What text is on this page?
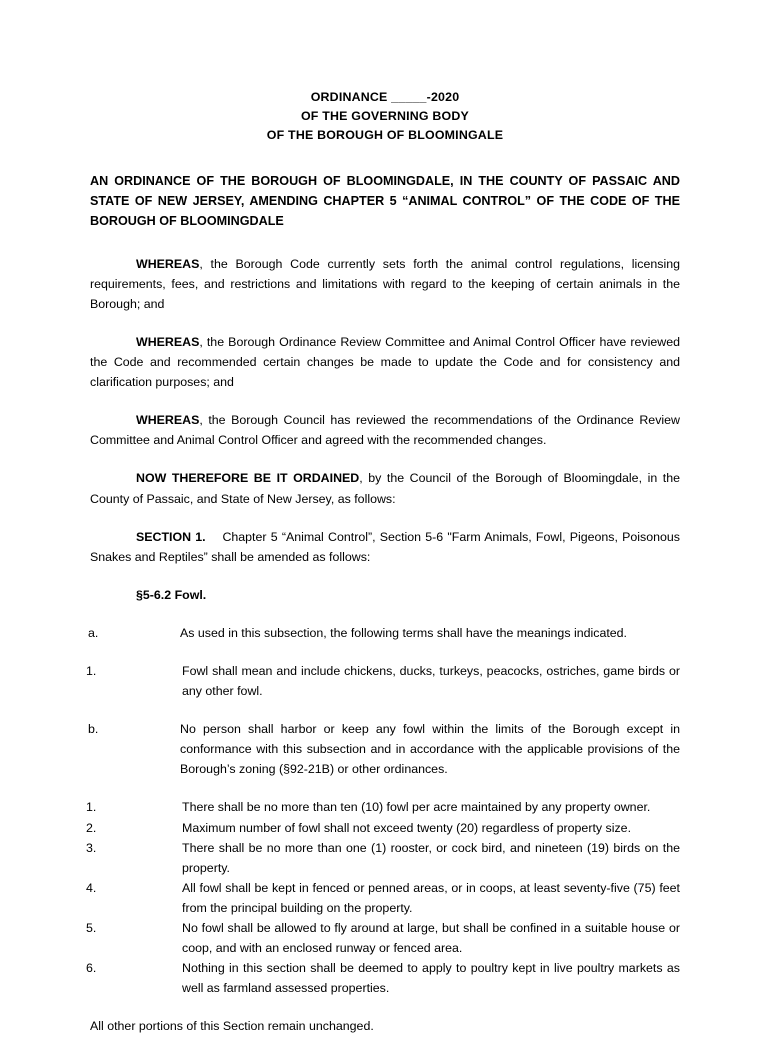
ORDINANCE _____-2020
OF THE GOVERNING BODY
OF THE BOROUGH OF BLOOMINGALE
AN ORDINANCE OF THE BOROUGH OF BLOOMINGDALE, IN THE COUNTY OF PASSAIC AND STATE OF NEW JERSEY, AMENDING CHAPTER 5 “ANIMAL CONTROL” OF THE CODE OF THE BOROUGH OF BLOOMINGDALE

WHEREAS, the Borough Code currently sets forth the animal control regulations, licensing requirements, fees, and restrictions and limitations with regard to the keeping of certain animals in the Borough; and

WHEREAS, the Borough Ordinance Review Committee and Animal Control Officer have reviewed the Code and recommended certain changes be made to update the Code and for consistency and clarification purposes; and

WHEREAS, the Borough Council has reviewed the recommendations of the Ordinance Review Committee and Animal Control Officer and agreed with the recommended changes.

NOW THEREFORE BE IT ORDAINED, by the Council of the Borough of Bloomingdale, in the County of Passaic, and State of New Jersey, as follows:

SECTION 1. Chapter 5 “Animal Control”, Section 5-6 "Farm Animals, Fowl, Pigeons, Poisonous Snakes and Reptiles” shall be amended as follows:

§5-6.2 Fowl.

a.	As used in this subsection, the following terms shall have the meanings indicated.

1.	Fowl shall mean and include chickens, ducks, turkeys, peacocks, ostriches, game birds or any other fowl.

b.	No person shall harbor or keep any fowl within the limits of the Borough except in conformance with this subsection and in accordance with the applicable provisions of the Borough’s zoning (§92-21B) or other ordinances.

1.	There shall be no more than ten (10) fowl per acre maintained by any property owner.

2.	Maximum number of fowl shall not exceed twenty (20) regardless of property size.

3.	There shall be no more than one (1) rooster, or cock bird, and nineteen (19) birds on the property.

4.	All fowl shall be kept in fenced or penned areas, or in coops, at least seventy-five (75) feet from the principal building on the property.

5.	No fowl shall be allowed to fly around at large, but shall be confined in a suitable house or coop, and with an enclosed runway or fenced area.

6.	Nothing in this section shall be deemed to apply to poultry kept in live poultry markets as well as farmland assessed properties.

All other portions of this Section remain unchanged.
